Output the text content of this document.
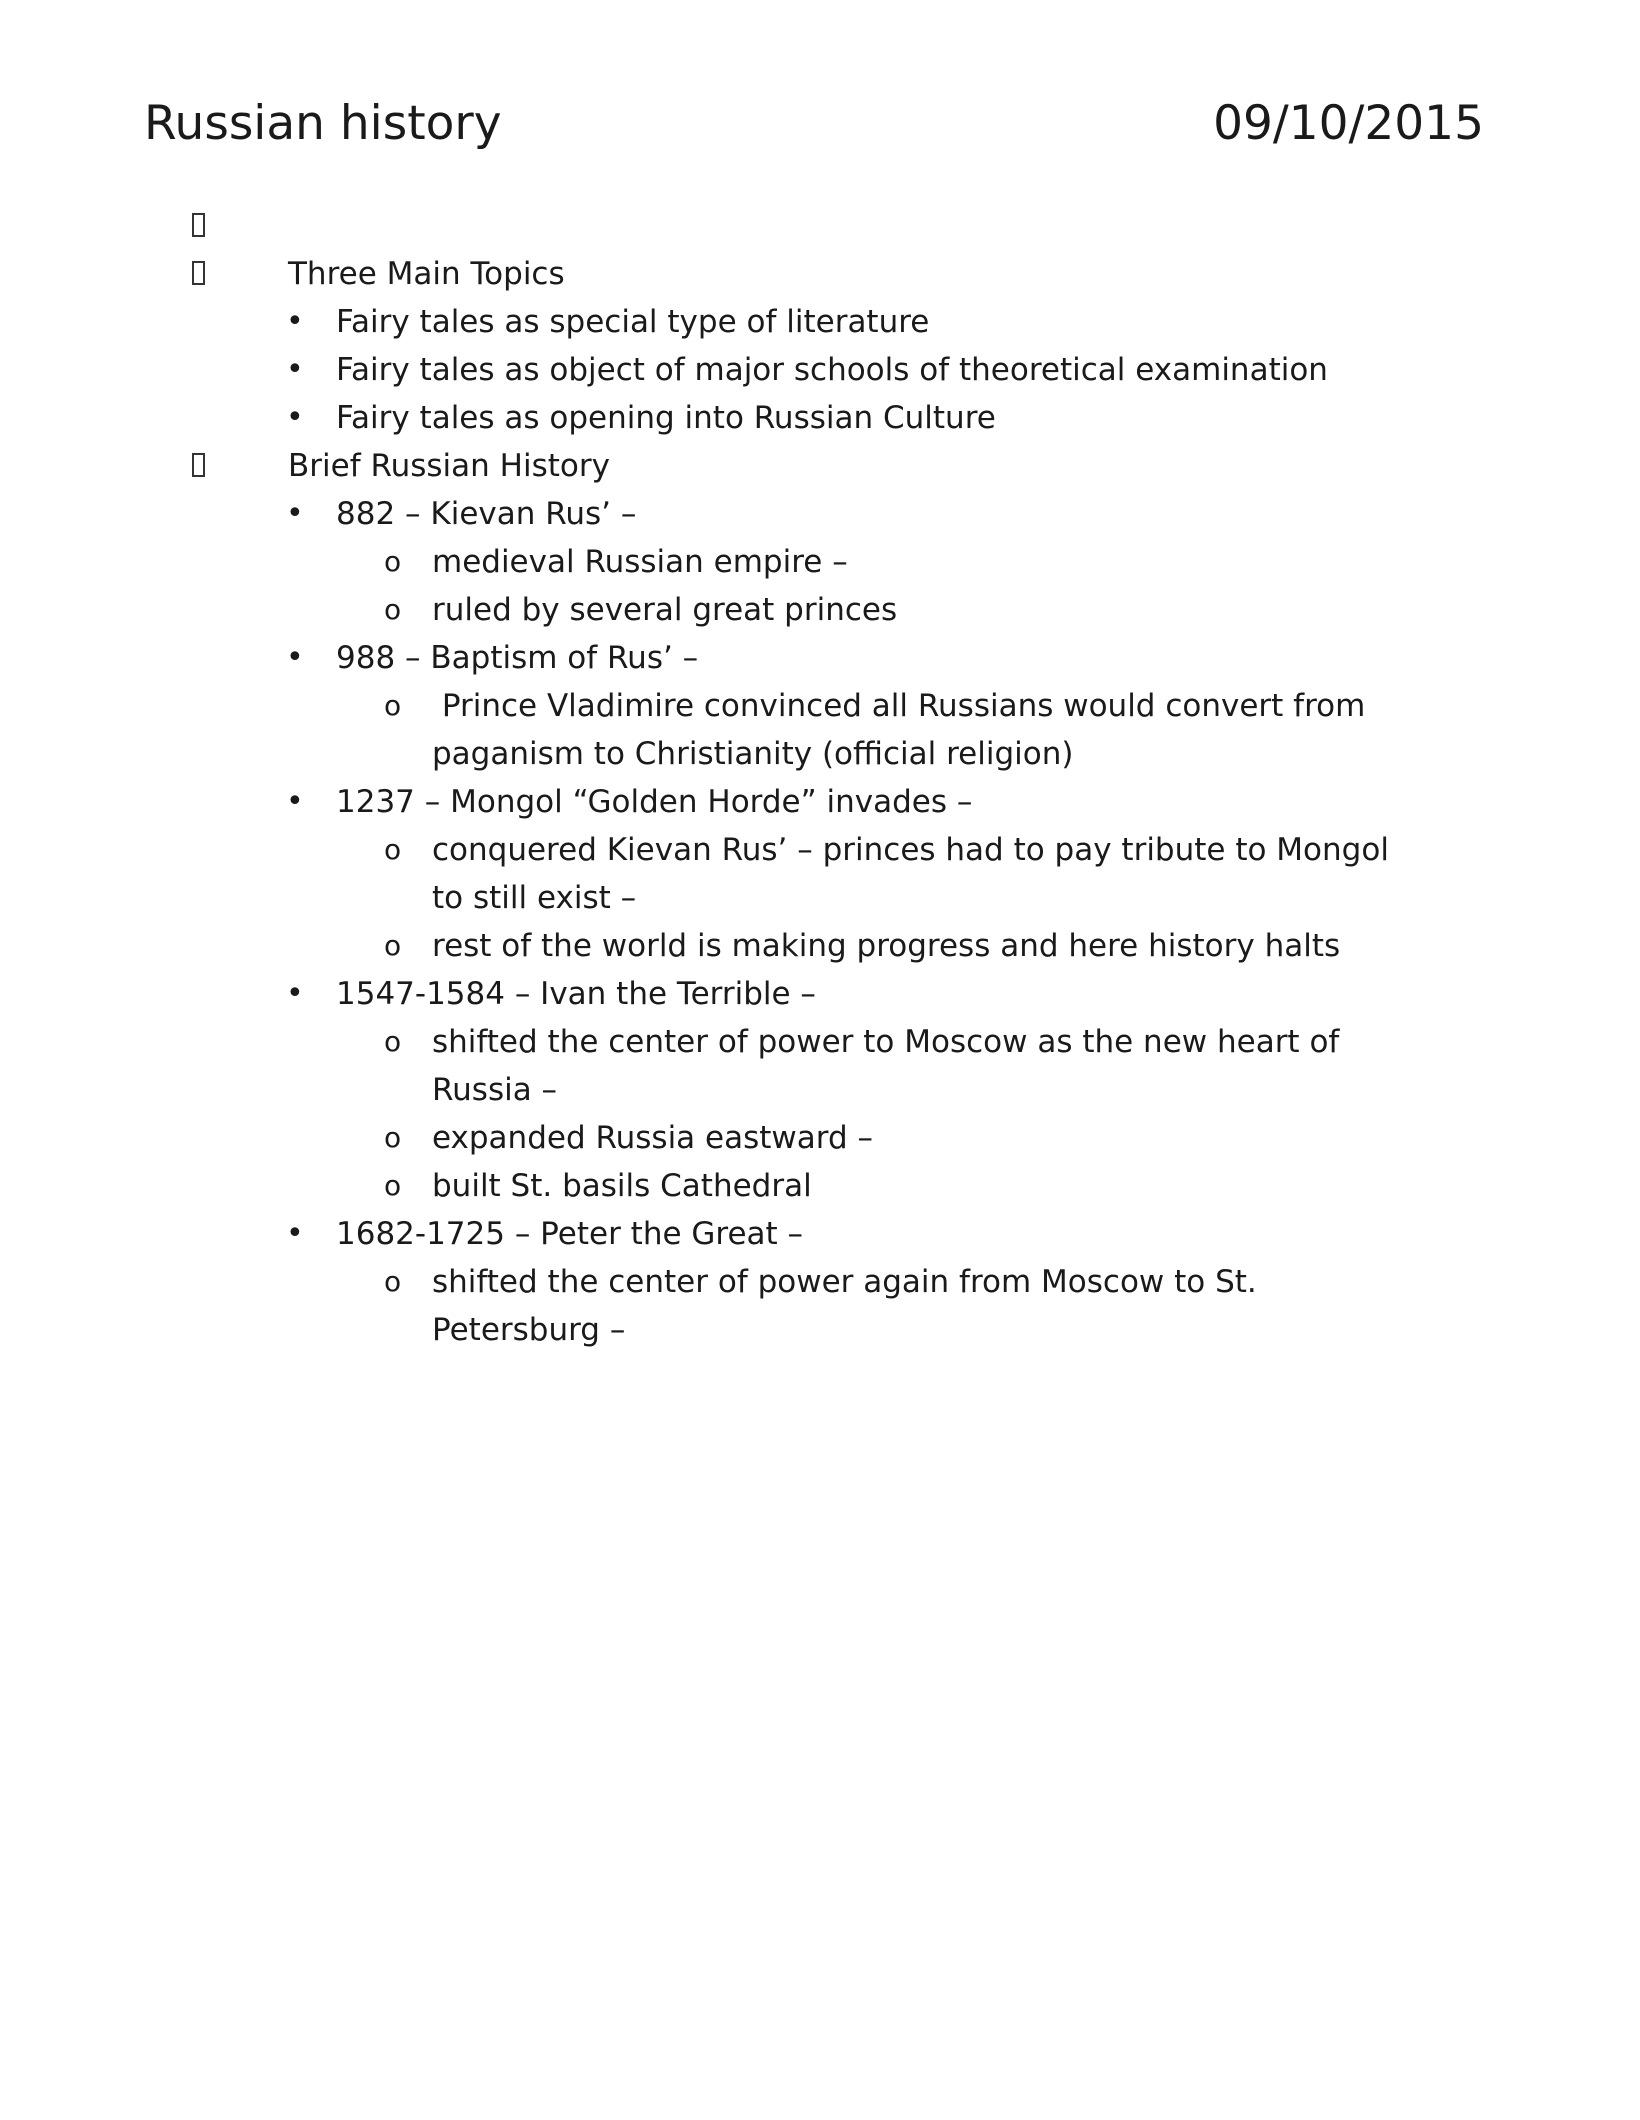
Russian history	09/10/2015
Three Main Topics
• Fairy tales as special type of literature
• Fairy tales as object of major schools of theoretical examination
• Fairy tales as opening into Russian Culture
Brief Russian History
• 882 – Kievan Rus’ –
o medieval Russian empire –
o ruled by several great princes
• 988 – Baptism of Rus’ –
o Prince Vladimire convinced all Russians would convert from
paganism to Christianity (official religion)
• 1237 – Mongol “Golden Horde” invades –
o conquered Kievan Rus’ – princes had to pay tribute to Mongol
to still exist –
o rest of the world is making progress and here history halts
• 1547-1584 – Ivan the Terrible –
o shifted the center of power to Moscow as the new heart of
Russia –
o expanded Russia eastward –
o built St. basils Cathedral
• 1682-1725 – Peter the Great –
o shifted the center of power again from Moscow to St.
Petersburg –
